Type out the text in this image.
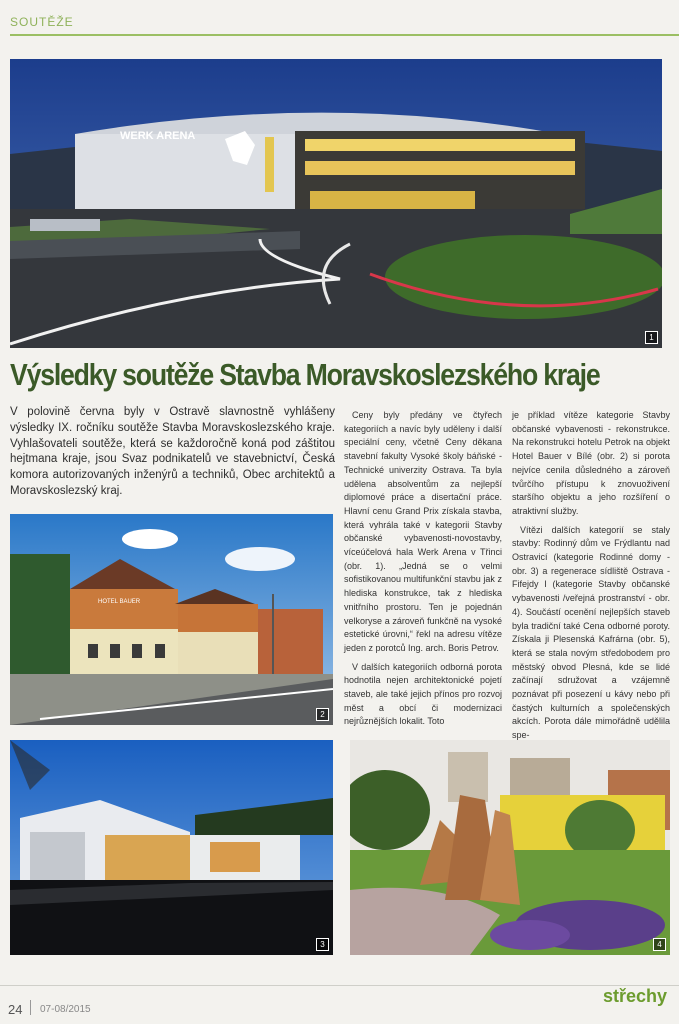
SOUTĚŽE
WERK ARENA
1
Výsledky soutěže Stavba Moravskoslezského kraje
V polovině června byly v Ostravě slavnostně vyhlášeny výsledky IX. ročníku soutěže Stavba Moravskoslezského kraje. Vyhlašovateli soutěže, která se každoročně koná pod záštitou hejtmana kraje, jsou Svaz podnikatelů ve stavebnictví, Česká komora autorizovaných inženýrů a techniků, Obec architektů a Moravskoslezský kraj.
HOTEL BAUER
2
3	4

Ceny byly předány ve čtyřech kategoriích a navíc byly uděleny i další speciální ceny, včetně Ceny děkana stavební fakulty Vysoké školy báňské - Technické univerzity Ostrava. Ta byla udělena absolventům za nejlepší diplomové práce a disertační práce. Hlavní cenu Grand Prix získala stavba, která vyhrála také v kategorii Stavby občanské vybavenosti-novostavby, víceúčelová hala Werk Arena v Třinci (obr. 1). „Jedná se o velmi sofistikovanou multifunkční stavbu jak z hlediska konstrukce, tak z hlediska vnitřního prostoru. Ten je pojednán velkoryse a zároveň funkčně na vysoké estetické úrovni,“ řekl na adresu vítěze jeden z porotců Ing. arch. Boris Petrov.

V dalších kategoriích odborná porota hodnotila nejen architektonické pojetí staveb, ale také jejich přínos pro rozvoj měst a obcí či modernizaci nejrůznějších lokalit. Toto

je příklad vítěze kategorie Stavby občanské vybavenosti - rekonstrukce. Na rekonstrukci hotelu Petrok na objekt Hotel Bauer v Bílé (obr. 2) si porota nejvíce cenila důsledného a zároveň tvůrčího přístupu k znovuoživení staršího objektu a jeho rozšíření o atraktivní služby.

Vítězi dalších kategorií se staly stavby: Rodinný dům ve Frýdlantu nad Ostravicí (kategorie Rodinné domy - obr. 3) a regenerace sídliště Ostrava - Fifejdy I (kategorie Stavby občanské vybavenosti /veřejná prostranství - obr. 4). Součástí ocenění nejlepších staveb byla tradiční také Cena odborné poroty. Získala ji Plesenská Kafrárna (obr. 5), která se stala novým středobodem pro městský obvod Plesná, kde se lidé začínají sdružovat a vzájemně poznávat při posezení u kávy nebo při častých kulturních a společenských akcích. Porota dále mimořádně udělila spe-

24 07-08/2015
střechy
